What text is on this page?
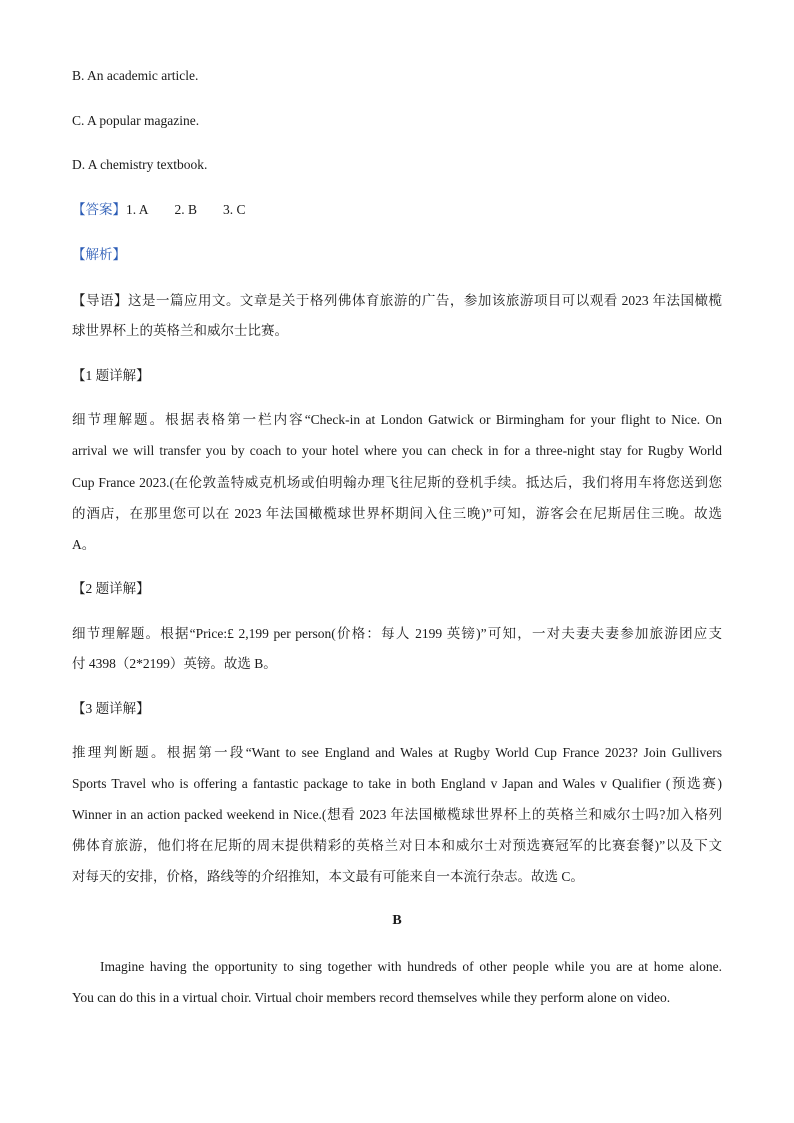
B. An academic article.
C. A popular magazine.
D. A chemistry textbook.
【答案】1. A 2. B 3. C
【解析】
【导语】这是一篇应用文。文章是关于格列佛体育旅游的广告，参加该旅游项目可以观看 2023 年法国橄榄
球世界杯上的英格兰和威尔士比赛。
【1 题详解】
细节理解题。根据表格第一栏内容“Check-in at London Gatwick or Birmingham for your flight to Nice. On
arrival we will transfer you by coach to your hotel where you can check in for a three-night stay for Rugby World
Cup France 2023.(在伦敦盖特威克机场或伯明翰办理飞往尼斯的登机手续。抵达后，我们将用车将您送到您
的酒店，在那里您可以在 2023 年法国橄榄球世界杯期间入住三晚)”可知，游客会在尼斯居住三晚。故选
A。
【2 题详解】
细节理解题。根据“Price:£ 2,199 per person(价格：每人 2199 英镑)”可知，一对夫妻夫妻参加旅游团应支
付 4398（2*2199）英镑。故选 B。
【3 题详解】
推理判断题。根据第一段“Want to see England and Wales at Rugby World Cup France 2023? Join Gullivers
Sports Travel who is offering a fantastic package to take in both England v Japan and Wales v Qualifier (预选赛)
Winner in an action packed weekend in Nice.(想看 2023 年法国橄榄球世界杯上的英格兰和威尔士吗?加入格列
佛体育旅游，他们将在尼斯的周末提供精彩的英格兰对日本和威尔士对预选赛冠军的比赛套餐)”以及下文
对每天的安排，价格，路线等的介绍推知，本文最有可能来自一本流行杂志。故选 C。
B
Imagine having the opportunity to sing together with hundreds of other people while you are at home alone.
You can do this in a virtual choir. Virtual choir members record themselves while they perform alone on video.
